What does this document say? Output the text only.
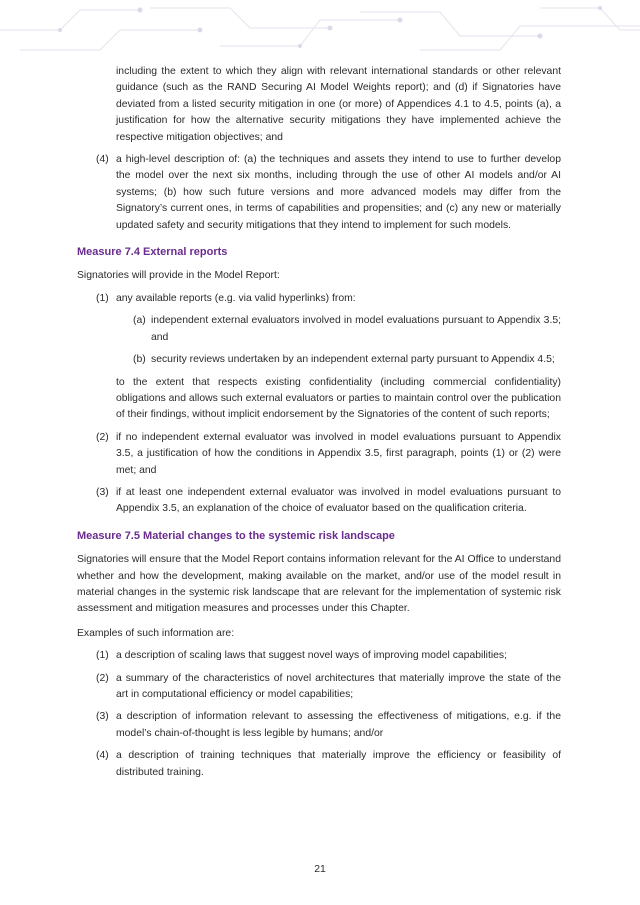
including the extent to which they align with relevant international standards or other relevant guidance (such as the RAND Securing AI Model Weights report); and (d) if Signatories have deviated from a listed security mitigation in one (or more) of Appendices 4.1 to 4.5, points (a), a justification for how the alternative security mitigations they have implemented achieve the respective mitigation objectives; and

(4) a high-level description of: (a) the techniques and assets they intend to use to further develop the model over the next six months, including through the use of other AI models and/or AI systems; (b) how such future versions and more advanced models may differ from the Signatory’s current ones, in terms of capabilities and propensities; and (c) any new or materially updated safety and security mitigations that they intend to implement for such models.

Measure 7.4 External reports

Signatories will provide in the Model Report:

(1) any available reports (e.g. via valid hyperlinks) from:

(a) independent external evaluators involved in model evaluations pursuant to Appendix 3.5; and

(b) security reviews undertaken by an independent external party pursuant to Appendix 4.5;

to the extent that respects existing confidentiality (including commercial confidentiality) obligations and allows such external evaluators or parties to maintain control over the publication of their findings, without implicit endorsement by the Signatories of the content of such reports;

(2) if no independent external evaluator was involved in model evaluations pursuant to Appendix 3.5, a justification of how the conditions in Appendix 3.5, first paragraph, points (1) or (2) were met; and

(3) if at least one independent external evaluator was involved in model evaluations pursuant to Appendix 3.5, an explanation of the choice of evaluator based on the qualification criteria.

Measure 7.5 Material changes to the systemic risk landscape

Signatories will ensure that the Model Report contains information relevant for the AI Office to understand whether and how the development, making available on the market, and/or use of the model result in material changes in the systemic risk landscape that are relevant for the implementation of systemic risk assessment and mitigation measures and processes under this Chapter.

Examples of such information are:

(1) a description of scaling laws that suggest novel ways of improving model capabilities;

(2) a summary of the characteristics of novel architectures that materially improve the state of the art in computational efficiency or model capabilities;

(3) a description of information relevant to assessing the effectiveness of mitigations, e.g. if the model’s chain-of-thought is less legible by humans; and/or

(4) a description of training techniques that materially improve the efficiency or feasibility of distributed training.

21
